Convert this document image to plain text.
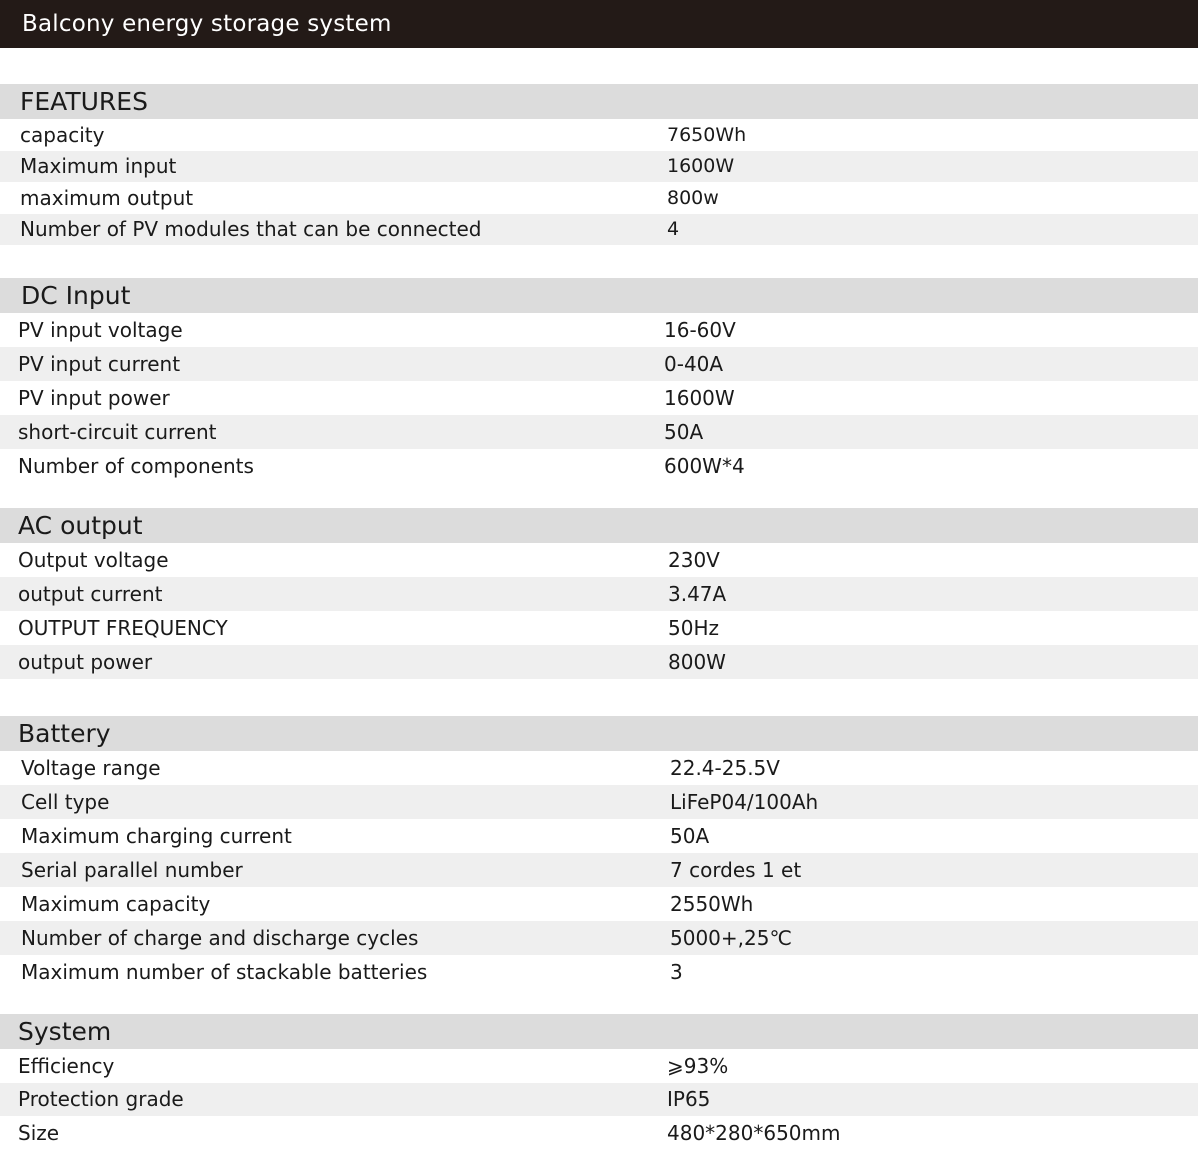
Balcony energy storage system
FEATURES
capacity	7650Wh
Maximum input	1600W
maximum output	800w
Number of PV modules that can be connected	4
DC Input
PV input voltage	16-60V
PV input current	0-40A
PV input power	1600W
short-circuit current	50A
Number of components	600W*4
AC output
Output voltage	230V
output current	3.47A
OUTPUT FREQUENCY	50Hz
output power	800W
Battery
Voltage range	22.4-25.5V
Cell type	LiFeP04/100Ah
Maximum charging current	50A
Serial parallel number	7 cordes 1 et
Maximum capacity	2550Wh
Number of charge and discharge cycles	5000+,25℃
Maximum number of stackable batteries	3
System
Efficiency	⩾93%
Protection grade	IP65
Size	480*280*650mm
